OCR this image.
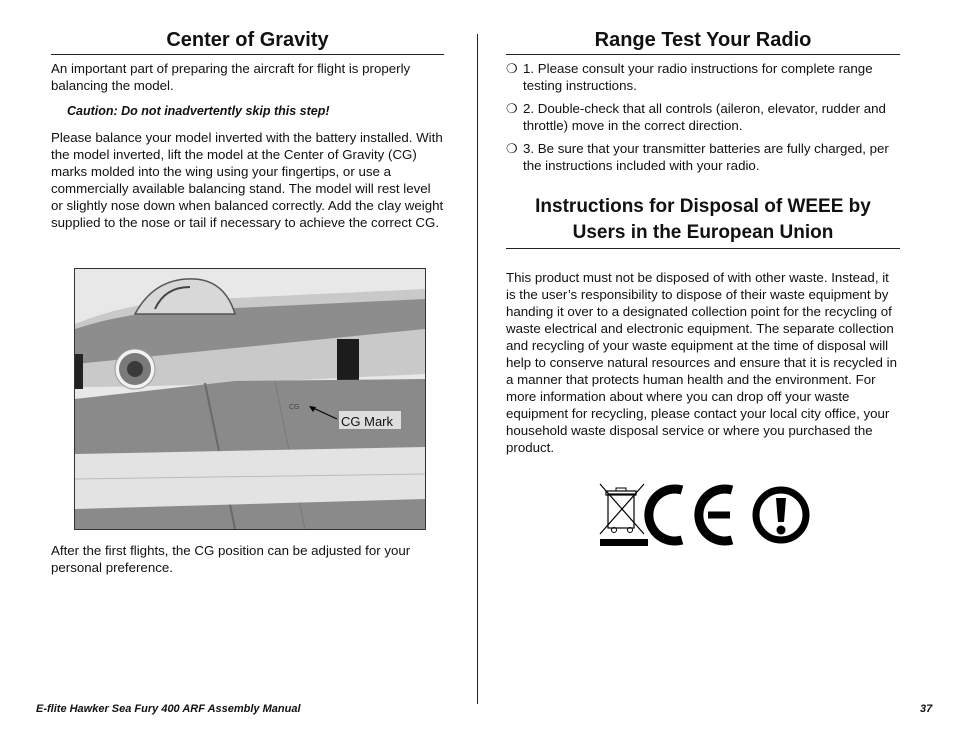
Center of Gravity

An important part of preparing the aircraft for flight is properly balancing the model.

Caution: Do not inadvertently skip this step!

Please balance your model inverted with the battery installed. With the model inverted, lift the model at the Center of Gravity (CG) marks molded into the wing using your fingertips, or use a commercially available balancing stand. The model will rest level or slightly nose down when balanced correctly. Add the clay weight supplied to the nose or tail if necessary to achieve the correct CG.

CG
CG Mark

After the first flights, the CG position can be adjusted for your personal preference.

Range Test Your Radio
❍ 1. Please consult your radio instructions for complete range testing instructions.
❍ 2. Double-check that all controls (aileron, elevator, rudder and throttle) move in the correct direction.
❍ 3. Be sure that your transmitter batteries are fully charged, per the instructions included with your radio.
Instructions for Disposal of WEEE by
Users in the European Union

This product must not be disposed of with other waste. Instead, it is the user’s responsibility to dispose of their waste equipment by handing it over to a designated collection point for the recycling of waste electrical and electronic equipment. The separate collection and recycling of your waste equipment at the time of disposal will help to conserve natural resources and ensure that it is recycled in a manner that protects human health and the environment. For more information about where you can drop off your waste equipment for recycling, please contact your local city office, your household waste disposal service or where you purchased the product.

E-flite Hawker Sea Fury 400 ARF Assembly Manual	37
